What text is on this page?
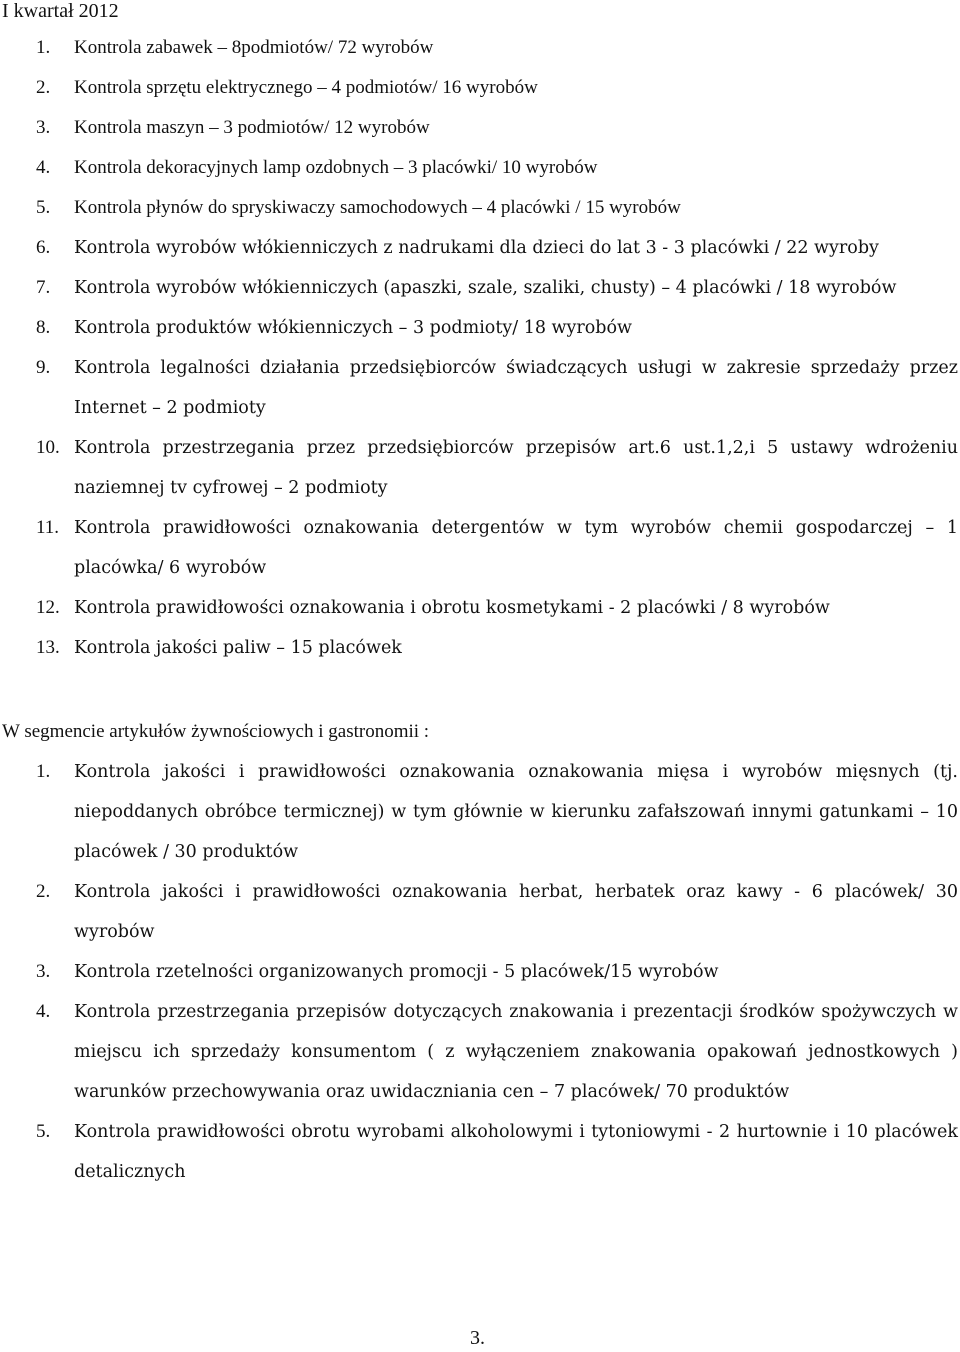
I kwartał 2012
1. Kontrola zabawek – 8podmiotów/ 72 wyrobów
2. Kontrola sprzętu elektrycznego – 4 podmiotów/ 16 wyrobów
3. Kontrola maszyn – 3 podmiotów/ 12 wyrobów
4. Kontrola dekoracyjnych lamp ozdobnych – 3 placówki/ 10 wyrobów
5. Kontrola płynów do spryskiwaczy samochodowych – 4 placówki / 15 wyrobów
6. Kontrola wyrobów włókienniczych z nadrukami dla dzieci do lat 3 - 3 placówki / 22 wyroby
7. Kontrola wyrobów włókienniczych (apaszki, szale, szaliki, chusty) – 4 placówki / 18 wyrobów
8. Kontrola produktów włókienniczych – 3 podmioty/ 18 wyrobów
9. Kontrola legalności działania przedsiębiorców świadczących usługi w zakresie sprzedaży przez Internet – 2 podmioty
10. Kontrola przestrzegania przez przedsiębiorców przepisów art.6 ust.1,2,i 5 ustawy wdrożeniu naziemnej tv cyfrowej – 2 podmioty
11. Kontrola prawidłowości oznakowania detergentów w tym wyrobów chemii gospodarczej – 1 placówka/ 6 wyrobów
12. Kontrola prawidłowości oznakowania i obrotu kosmetykami - 2 placówki / 8 wyrobów
13. Kontrola jakości paliw – 15 placówek
W segmencie artykułów żywnościowych i gastronomii :
1. Kontrola jakości i prawidłowości oznakowania oznakowania mięsa i wyrobów mięsnych (tj. niepoddanych obróbce termicznej) w tym głównie w kierunku zafałszowań innymi gatunkami – 10 placówek / 30 produktów
2. Kontrola jakości i prawidłowości oznakowania herbat, herbatek oraz kawy - 6 placówek/ 30 wyrobów
3. Kontrola rzetelności organizowanych promocji - 5 placówek/15 wyrobów
4. Kontrola przestrzegania przepisów dotyczących znakowania i prezentacji środków spożywczych w miejscu ich sprzedaży konsumentom ( z wyłączeniem znakowania opakowań jednostkowych ) warunków przechowywania oraz uwidaczniania cen – 7 placówek/ 70 produktów
5. Kontrola prawidłowości obrotu wyrobami alkoholowymi i tytoniowymi - 2 hurtownie i 10 placówek detalicznych
3.
